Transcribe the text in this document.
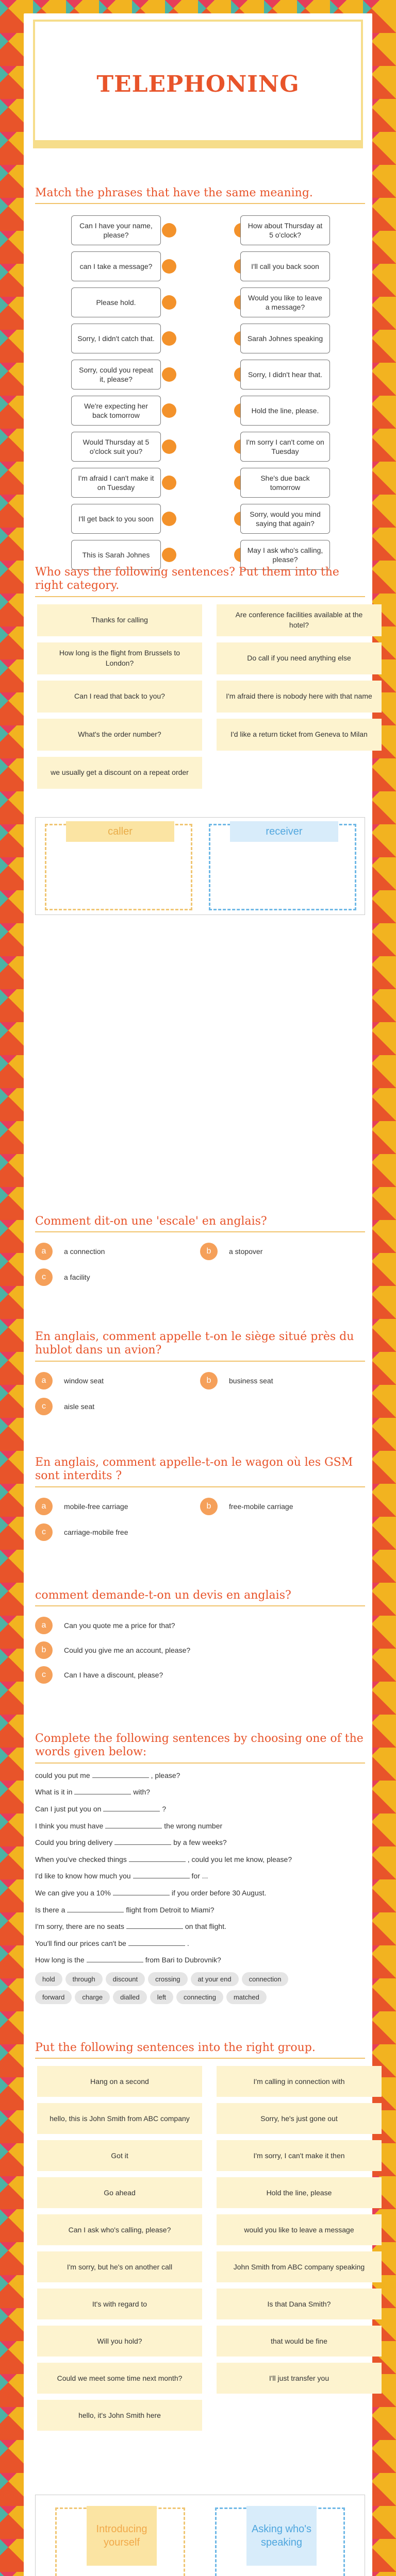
TELEPHONING
Match the phrases that have the same meaning.
Can I have your name, please?
How about Thursday at 5 o'clock?
can I take a message?	I'll call you back soon
Please hold.
Would you like to leave a message?
Sorry, I didn't catch that.	Sarah Johnes speaking
Sorry, could you repeat it, please?
Sorry, I didn't hear that.
We're expecting her back tomorrow
Hold the line, please.
Would Thursday at 5 o'clock suit you?
I'm sorry I can't come on Tuesday
I'm afraid I can't make it on Tuesday
She's due back tomorrow
I'll get back to you soon
Sorry, would you mind saying that again?
This is Sarah Johnes
May I ask who's calling, please?
Who says the following sentences? Put them into the right category.
Thanks for calling
Are conference facilities available at the hotel?
How long is the flight from Brussels to London?
Do call if you need anything else
Can I read that back to you?	I'm afraid there is nobody here with that name
What's the order number?	I'd like a return ticket from Geneva to Milan
we usually get a discount on a repeat order
caller	receiver
Comment dit-on une 'escale' en anglais?
a	a connection	b	a stopover
c	a facility
En anglais, comment appelle t-on le siège situé près du hublot dans un avion?
a	window seat	b	business seat
c	aisle seat
En anglais, comment appelle-t-on le wagon où les GSM sont interdits ?
a	mobile-free carriage	b	free-mobile carriage
c	carriage-mobile free
comment demande-t-on un devis en anglais?
a	Can you quote me a price for that?
b	Could you give me an account, please?
c	Can I have a discount, please?
Complete the following sentences by choosing one of the words given below:
could you put me	, please?
What is it in	with?
Can I just put you on	?
I think you must have	the wrong number
Could you bring delivery	by a few weeks?
When you've checked things	, could you let me know, please?
I'd like to know how much you	for ...
We can give you a 10%	if you order before 30 August.
Is there a	flight from Detroit to Miami?
I'm sorry, there are no seats	on that flight.
You'll find our prices can't be	.
How long is the	from Bari to Dubrovnik?
hold	through	discount	crossing	at your end	connection
forward	charge	dialled	left	connecting	matched
Put the following sentences into the right group.
Hang on a second	I'm calling in connection with
hello, this is John Smith from ABC company	Sorry, he's just gone out
Got it	I'm sorry, I can't make it then
Go ahead	Hold the line, please
Can I ask who's calling, please?	would you like to leave a message
I'm sorry, but he's on another call	John Smith from ABC company speaking
It's with regard to	Is that Dana Smith?
Will you hold?	that would be fine
Could we meet some time next month?	I'll just transfer you
hello, it's John Smith here
Introducing yourself
Asking who's speaking
